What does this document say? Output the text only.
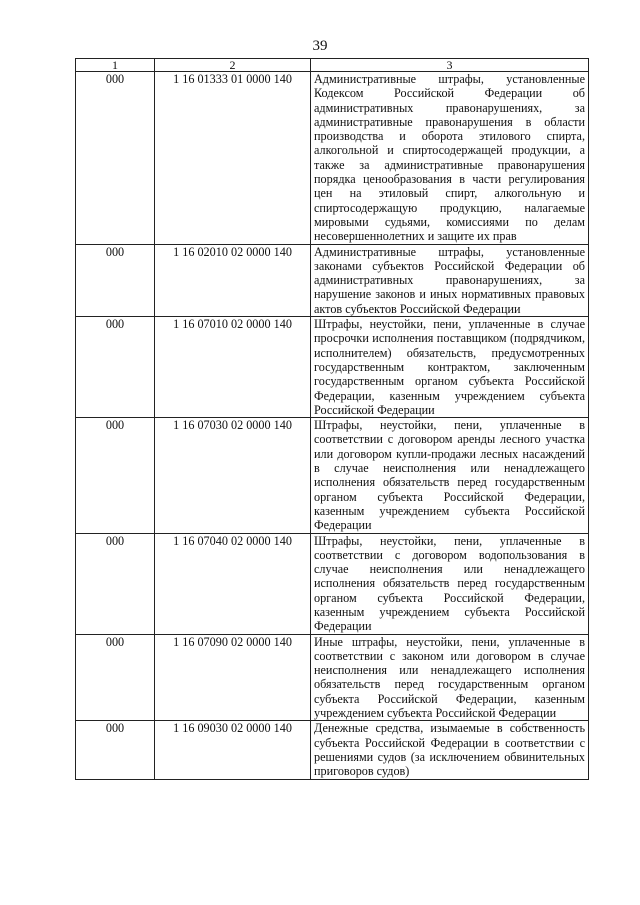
39
1	2	3
000	1 16 01333 01 0000 140	Административные штрафы, установленные Кодексом Российской Федерации об административных правонарушениях, за административные правонарушения в области производства и оборота этилового спирта, алкогольной и спиртосодержащей продукции, а также за административные правонарушения порядка ценообразования в части регулирования цен на этиловый спирт, алкогольную и спиртосодержащую продукцию, налагаемые мировыми судьями, комиссиями по делам несовершеннолетних и защите их прав

000	1 16 02010 02 0000 140	Административные штрафы, установленные законами субъектов Российской Федерации об административных правонарушениях, за нарушение законов и иных нормативных правовых актов субъектов Российской Федерации

000	1 16 07010 02 0000 140	Штрафы, неустойки, пени, уплаченные в случае просрочки исполнения поставщиком (подрядчиком, исполнителем) обязательств, предусмотренных государственным контрактом, заключенным государственным органом субъекта Российской Федерации, казенным учреждением субъекта Российской Федерации

000	1 16 07030 02 0000 140	Штрафы, неустойки, пени, уплаченные в соответствии с договором аренды лесного участка или договором купли-продажи лесных насаждений в случае неисполнения или ненадлежащего исполнения обязательств перед государственным органом субъекта Российской Федерации, казенным учреждением субъекта Российской Федерации

000	1 16 07040 02 0000 140	Штрафы, неустойки, пени, уплаченные в соответствии с договором водопользования в случае неисполнения или ненадлежащего исполнения обязательств перед государственным органом субъекта Российской Федерации, казенным учреждением субъекта Российской Федерации

000	1 16 07090 02 0000 140	Иные штрафы, неустойки, пени, уплаченные в соответствии с законом или договором в случае неисполнения или ненадлежащего исполнения обязательств перед государственным органом субъекта Российской Федерации, казенным учреждением субъекта Российской Федерации

000	1 16 09030 02 0000 140	Денежные средства, изымаемые в собственность субъекта Российской Федерации в соответствии с решениями судов (за исключением обвинительных приговоров судов)
